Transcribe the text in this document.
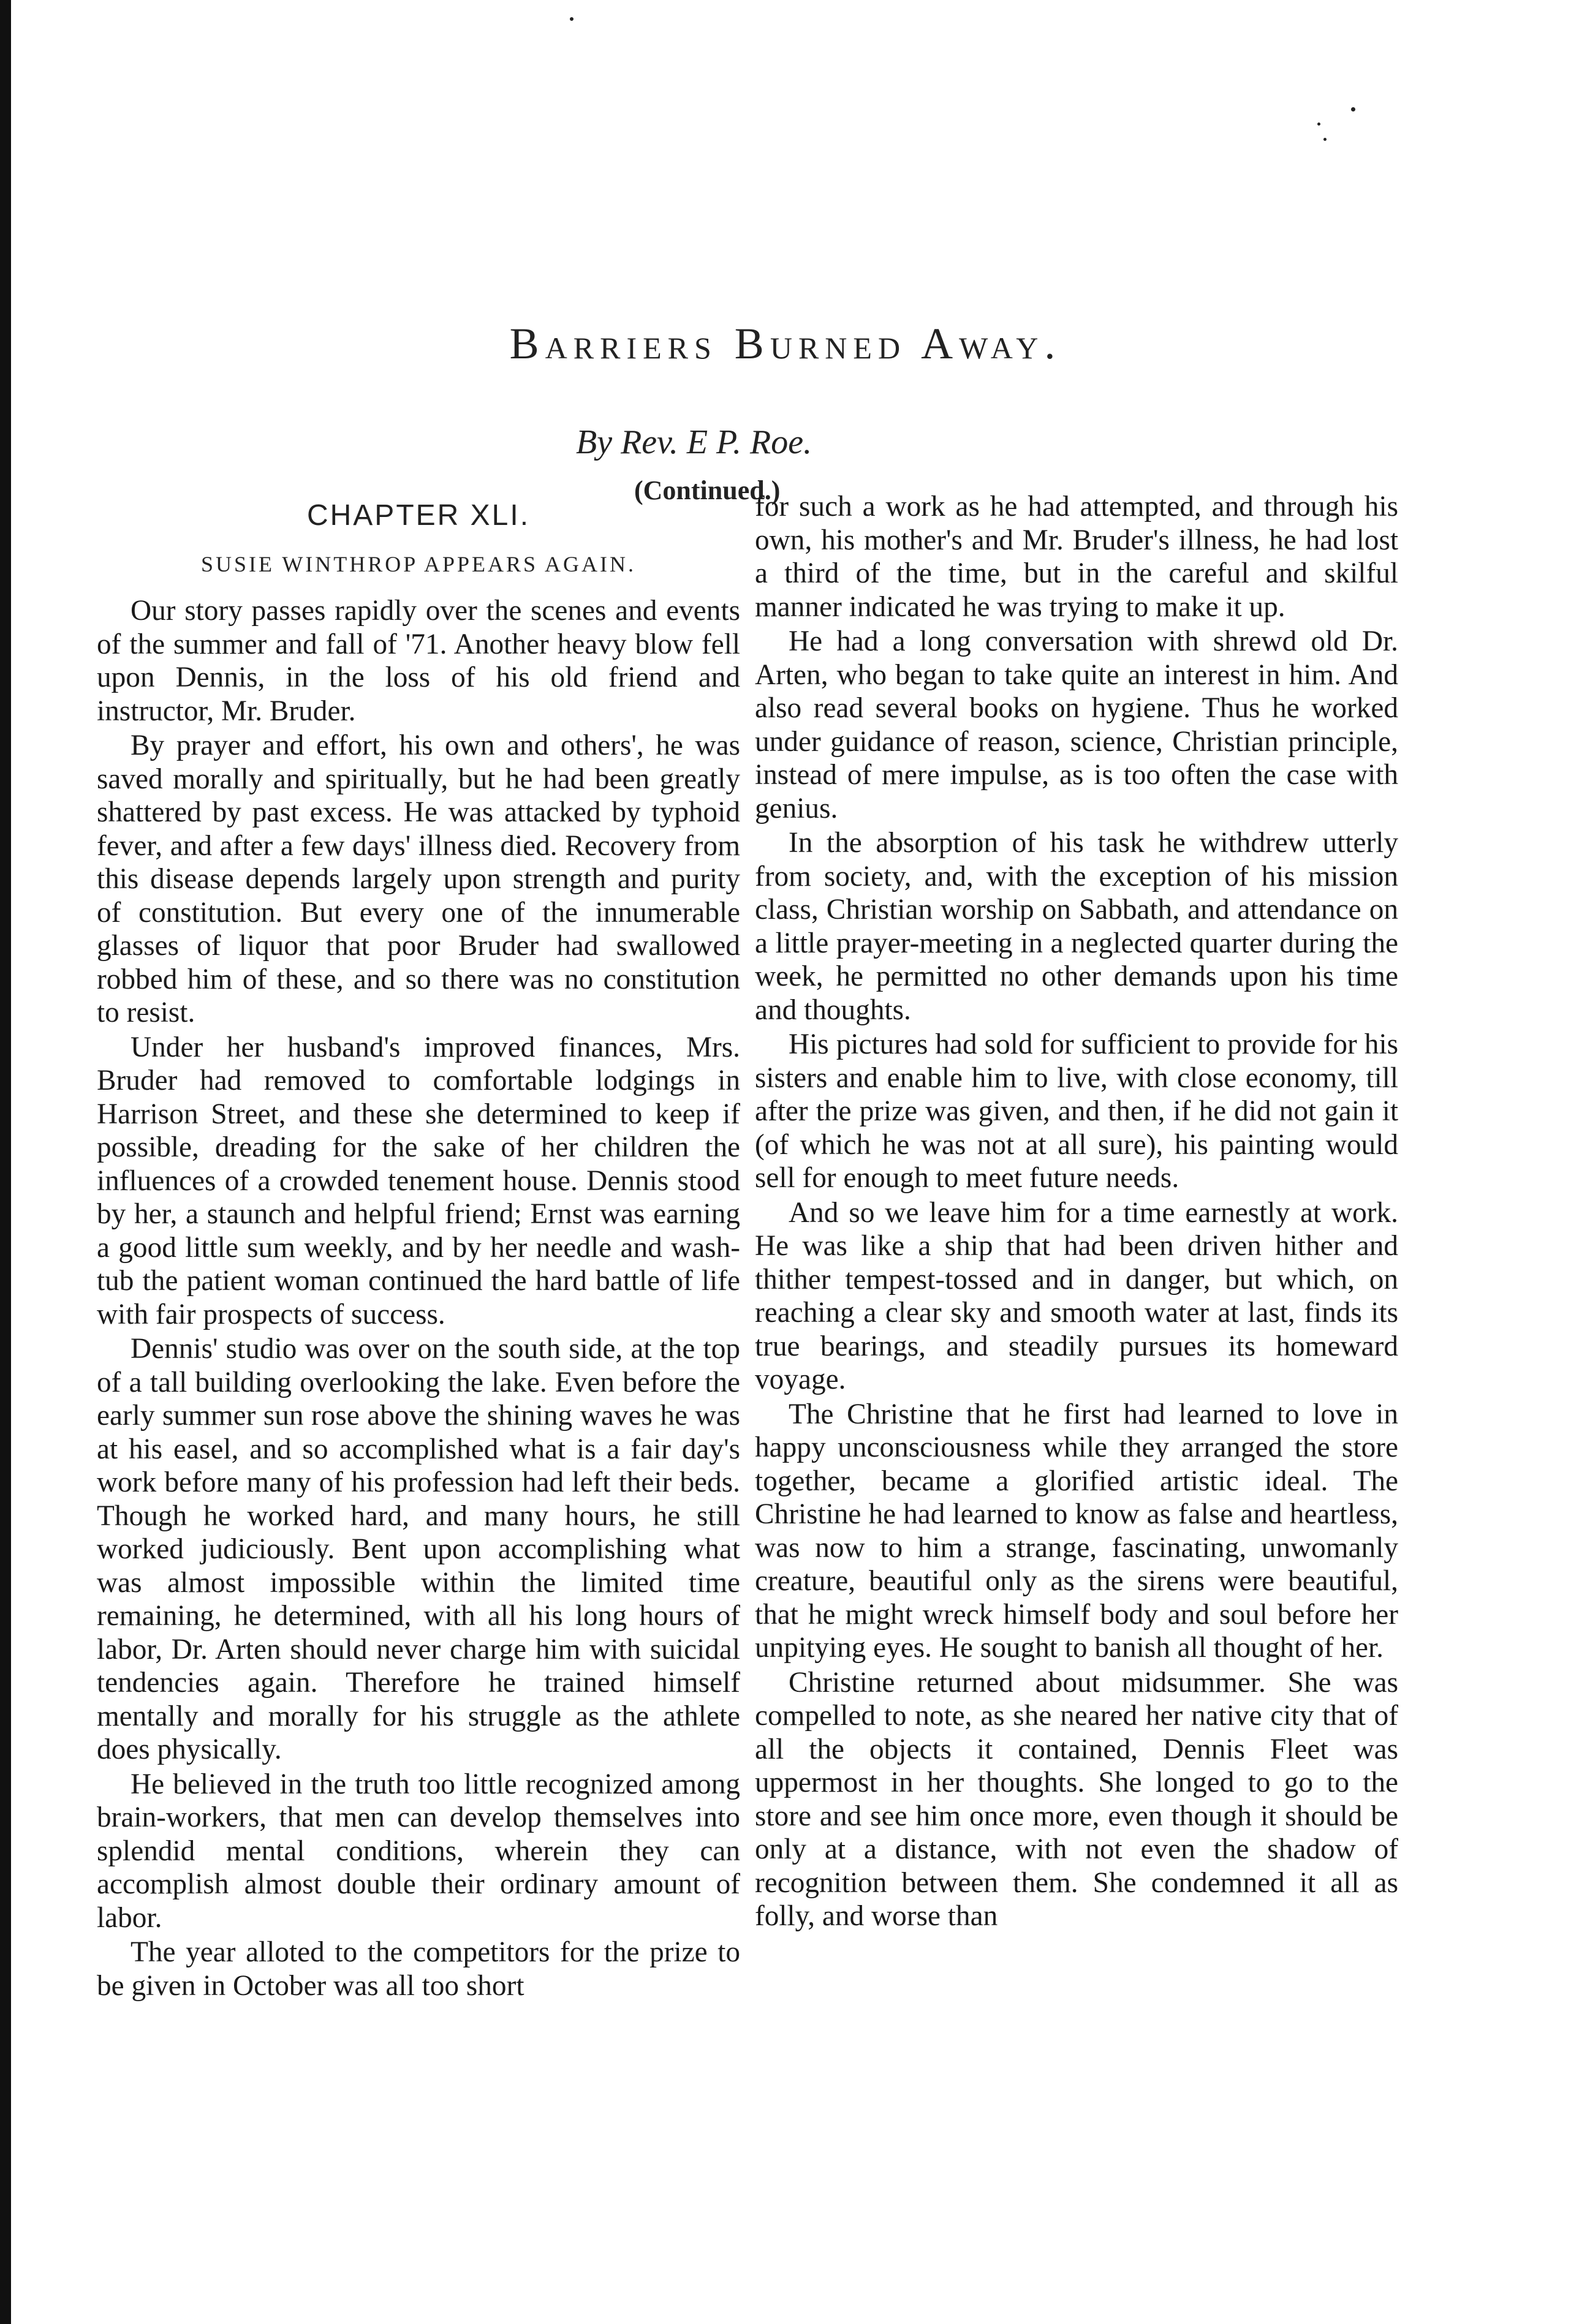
Barriers Burned Away.
By Rev. E P. Roe.
(Continued.)
CHAPTER XLI.
SUSIE WINTHROP APPEARS AGAIN.

Our story passes rapidly over the scenes and events of the summer and fall of '71. Another heavy blow fell upon Dennis, in the loss of his old friend and instructor, Mr. Bruder.

By prayer and effort, his own and others', he was saved morally and spiritually, but he had been greatly shattered by past excess. He was attacked by typhoid fever, and after a few days' illness died. Recovery from this disease depends largely upon strength and purity of constitution. But every one of the innumerable glasses of liquor that poor Bruder had swallowed robbed him of these, and so there was no constitution to resist.

Under her husband's improved finances, Mrs. Bruder had removed to comfortable lodgings in Harrison Street, and these she determined to keep if possible, dreading for the sake of her children the influences of a crowded tenement house. Dennis stood by her, a staunch and helpful friend; Ernst was earning a good little sum weekly, and by her needle and wash-tub the patient woman continued the hard battle of life with fair prospects of success.

Dennis' studio was over on the south side, at the top of a tall building overlooking the lake. Even before the early summer sun rose above the shining waves he was at his easel, and so accomplished what is a fair day's work before many of his profession had left their beds. Though he worked hard, and many hours, he still worked judiciously. Bent upon accomplishing what was almost impossible within the limited time remaining, he determined, with all his long hours of labor, Dr. Arten should never charge him with suicidal tendencies again. Therefore he trained himself mentally and morally for his struggle as the athlete does physically.

He believed in the truth too little recognized among brain-workers, that men can develop themselves into splendid mental conditions, wherein they can accomplish almost double their ordinary amount of labor.

The year alloted to the competitors for the prize to be given in October was all too short

for such a work as he had attempted, and through his own, his mother's and Mr. Bruder's illness, he had lost a third of the time, but in the careful and skilful manner indicated he was trying to make it up.

He had a long conversation with shrewd old Dr. Arten, who began to take quite an interest in him. And also read several books on hygiene. Thus he worked under guidance of reason, science, Christian principle, instead of mere impulse, as is too often the case with genius.

In the absorption of his task he withdrew utterly from society, and, with the exception of his mission class, Christian worship on Sabbath, and attendance on a little prayer-meeting in a neglected quarter during the week, he permitted no other demands upon his time and thoughts.

His pictures had sold for sufficient to provide for his sisters and enable him to live, with close economy, till after the prize was given, and then, if he did not gain it (of which he was not at all sure), his painting would sell for enough to meet future needs.

And so we leave him for a time earnestly at work. He was like a ship that had been driven hither and thither tempest-tossed and in danger, but which, on reaching a clear sky and smooth water at last, finds its true bearings, and steadily pursues its homeward voyage.

The Christine that he first had learned to love in happy unconsciousness while they arranged the store together, became a glorified artistic ideal. The Christine he had learned to know as false and heartless, was now to him a strange, fascinating, unwomanly creature, beautiful only as the sirens were beautiful, that he might wreck himself body and soul before her unpitying eyes. He sought to banish all thought of her.

Christine returned about midsummer. She was compelled to note, as she neared her native city that of all the objects it contained, Dennis Fleet was uppermost in her thoughts. She longed to go to the store and see him once more, even though it should be only at a distance, with not even the shadow of recognition between them. She condemned it all as folly, and worse than
